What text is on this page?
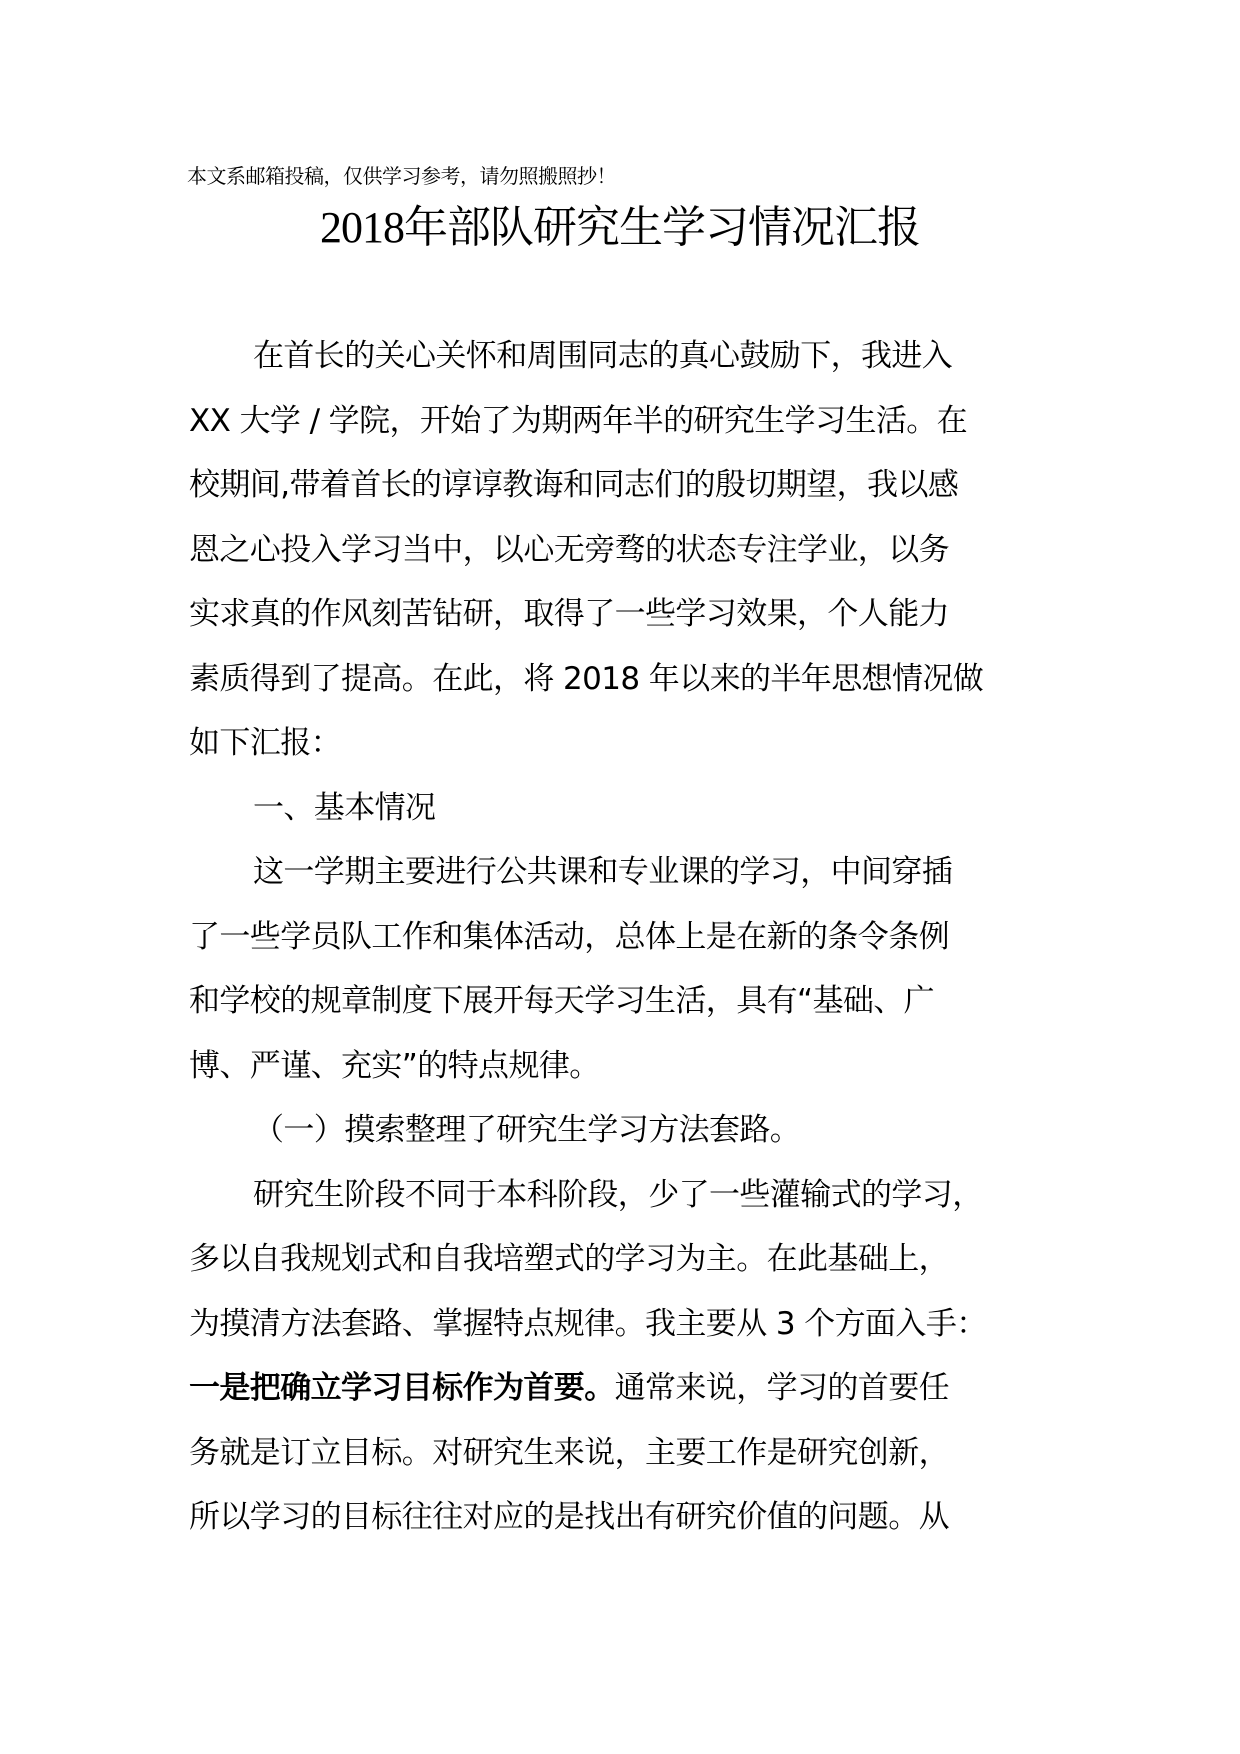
本文系邮箱投稿，仅供学习参考，请勿照搬照抄！
2018年部队研究生学习情况汇报
在首长的关心关怀和周围同志的真心鼓励下，我进入
XX 大学 / 学院，开始了为期两年半的研究生学习生活。在
校期间,带着首长的谆谆教诲和同志们的殷切期望，我以感
恩之心投入学习当中，以心无旁骛的状态专注学业，以务
实求真的作风刻苦钻研，取得了一些学习效果，个人能力
素质得到了提高。在此，将 2018 年以来的半年思想情况做
如下汇报：
一、基本情况
这一学期主要进行公共课和专业课的学习，中间穿插
了一些学员队工作和集体活动，总体上是在新的条令条例
和学校的规章制度下展开每天学习生活，具有“基础、广
博、严谨、充实”的特点规律。
（一）摸索整理了研究生学习方法套路。
研究生阶段不同于本科阶段，少了一些灌输式的学习，
多以自我规划式和自我培塑式的学习为主。在此基础上，
为摸清方法套路、掌握特点规律。我主要从 3 个方面入手：
一是把确立学习目标作为首要。通常来说，学习的首要任
务就是订立目标。对研究生来说，主要工作是研究创新，
所以学习的目标往往对应的是找出有研究价值的问题。从
